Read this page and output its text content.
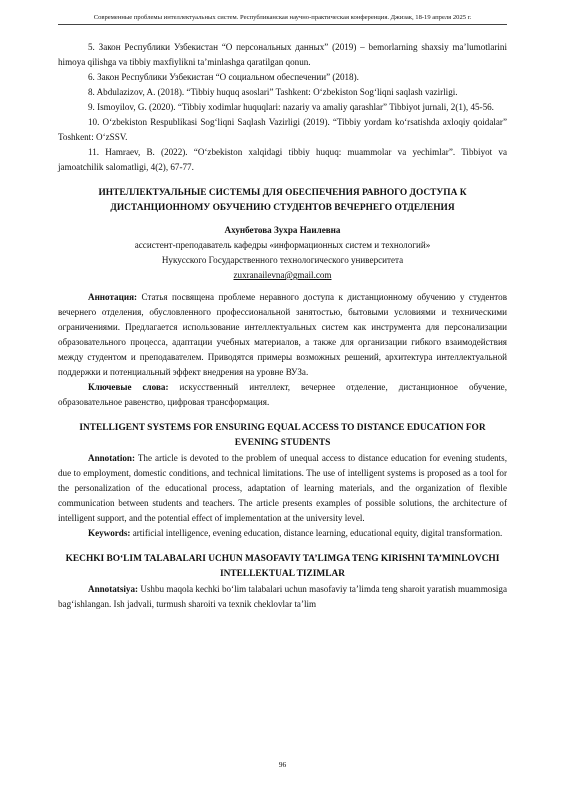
Современные проблемы интеллектуальных систем. Республиканская научно-практическая конференция. Джизак, 18-19 апреля 2025 г.

5. Закон Республики Узбекистан “О персональных данных” (2019) – bemorlarning shaxsiy ma’lumotlarini himoya qilishga va tibbiy maxfiylikni ta’minlashga qaratilgan qonun.

6. Закон Республики Узбекистан “О социальном обеспечении” (2018).

8. Abdulazizov, A. (2018). “Tibbiy huquq asoslari” Tashkent: O‘zbekiston Sog‘liqni saqlash vazirligi.

9. Ismoyilov, G. (2020). “Tibbiy xodimlar huquqlari: nazariy va amaliy qarashlar” Tibbiyot jurnali, 2(1), 45-56.

10. O‘zbekiston Respublikasi Sog‘liqni Saqlash Vazirligi (2019). “Tibbiy yordam ko‘rsatishda axloqiy qoidalar” Toshkent: O‘zSSV.

11. Hamraev, B. (2022). “O‘zbekiston xalqidagi tibbiy huquq: muammolar va yechimlar”. Tibbiyot va jamoatchilik salomatligi, 4(2), 67-77.

ИНТЕЛЛЕКТУАЛЬНЫЕ СИСТЕМЫ ДЛЯ ОБЕСПЕЧЕНИЯ РАВНОГО ДОСТУПА К ДИСТАНЦИОННОМУ ОБУЧЕНИЮ СТУДЕНТОВ ВЕЧЕРНЕГО ОТДЕЛЕНИЯ

Ахунбетова Зухра Наилевна

ассистент-преподаватель кафедры «информационных систем и технологий»

Нукусского Государственного технологического университета

zuxranailevna@gmail.com

Аннотация: Статья посвящена проблеме неравного доступа к дистанционному обучению у студентов вечернего отделения, обусловленного профессиональной занятостью, бытовыми условиями и техническими ограничениями. Предлагается использование интеллектуальных систем как инструмента для персонализации образовательного процесса, адаптации учебных материалов, а также для организации гибкого взаимодействия между студентом и преподавателем. Приводятся примеры возможных решений, архитектура интеллектуальной поддержки и потенциальный эффект внедрения на уровне ВУЗа.

Ключевые слова: искусственный интеллект, вечернее отделение, дистанционное обучение, образовательное равенство, цифровая трансформация.

INTELLIGENT SYSTEMS FOR ENSURING EQUAL ACCESS TO DISTANCE EDUCATION FOR EVENING STUDENTS

Annotation: The article is devoted to the problem of unequal access to distance education for evening students, due to employment, domestic conditions, and technical limitations. The use of intelligent systems is proposed as a tool for the personalization of the educational process, adaptation of learning materials, and the organization of flexible communication between students and teachers. The article presents examples of possible solutions, the architecture of intelligent support, and the potential effect of implementation at the university level.

Keywords: artificial intelligence, evening education, distance learning, educational equity, digital transformation.

KECHKI BO‘LIM TALABALARI UCHUN MASOFAVIY TA’LIMGA TENG KIRISHNI TA’MINLOVCHI INTELLEKTUAL TIZIMLAR

Annotatsiya: Ushbu maqola kechki bo‘lim talabalari uchun masofaviy ta’limda teng sharoit yaratish muammosiga bag‘ishlangan. Ish jadvali, turmush sharoiti va texnik cheklovlar ta’lim

96
